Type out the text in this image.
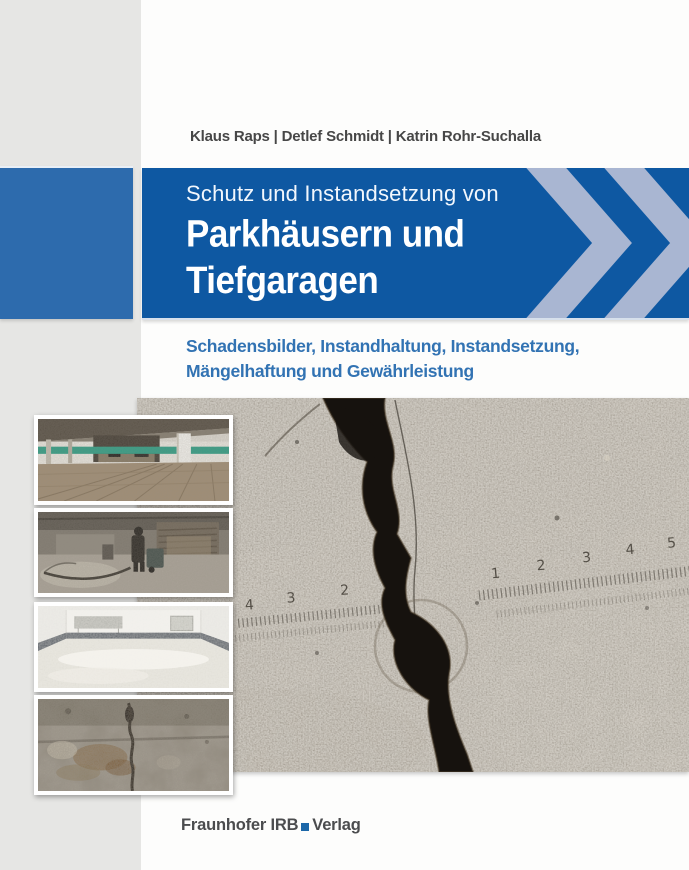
Klaus Raps | Detlef Schmidt | Katrin Rohr-Suchalla
Schutz und Instandsetzung von
Parkhäusern und
Tiefgaragen
Schadensbilder, Instandhaltung, Instandsetzung,
Mängelhaftung und Gewährleistung
4 3	2
1	2	3 4 5
Fraunhofer IRB Verlag
